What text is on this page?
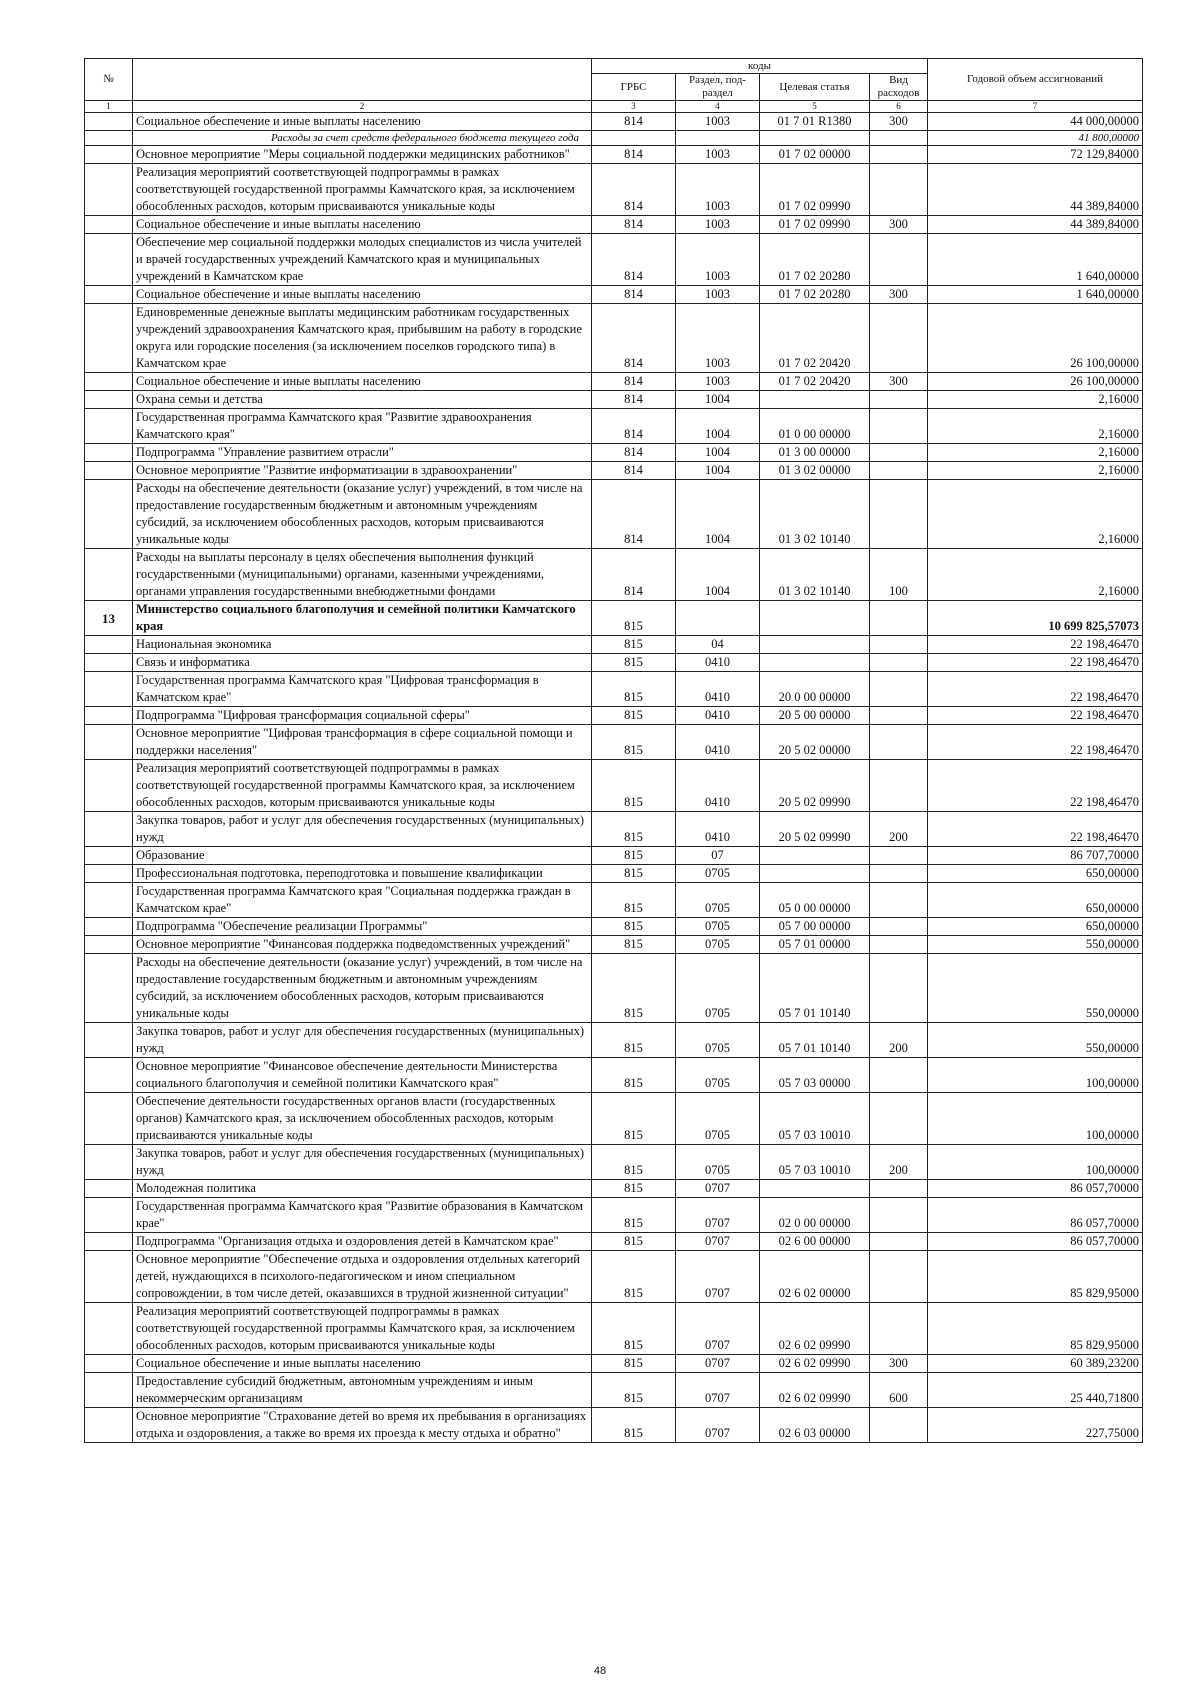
№		коды				Годовой объем ассигнований
		ГРБС	Раздел, под-раздел	Целевая статья	Вид расходов	
1	2	3	4	5	6	7
	Социальное обеспечение и иные выплаты населению	814	1003	01 7 01 R1380	300	44 000,00000
	Расходы за счет средств федерального бюджета текущего года					41 800,00000
	Основное мероприятие "Меры социальной поддержки медицинских работников"	814	1003	01 7 02 00000		72 129,84000
	Реализация мероприятий соответствующей подпрограммы в рамках соответствующей государственной программы Камчатского края, за исключением обособленных расходов, которым присваиваются уникальные коды	814	1003	01 7 02 09990		44 389,84000
	Социальное обеспечение и иные выплаты населению	814	1003	01 7 02 09990	300	44 389,84000
	Обеспечение мер социальной поддержки молодых специалистов из числа учителей и врачей государственных учреждений Камчатского края и муниципальных учреждений в Камчатском крае	814	1003	01 7 02 20280		1 640,00000
	Социальное обеспечение и иные выплаты населению	814	1003	01 7 02 20280	300	1 640,00000
	Единовременные денежные выплаты медицинским работникам государственных учреждений здравоохранения Камчатского края, прибывшим на работу в городские округа или городские поселения (за исключением поселков городского типа) в Камчатском крае	814	1003	01 7 02 20420		26 100,00000
	Социальное обеспечение и иные выплаты населению	814	1003	01 7 02 20420	300	26 100,00000
	Охрана семьи и детства	814	1004			2,16000
	Государственная программа Камчатского края "Развитие здравоохранения Камчатского края"	814	1004	01 0 00 00000		2,16000
	Подпрограмма "Управление развитием отрасли"	814	1004	01 3 00 00000		2,16000
	Основное мероприятие "Развитие информатизации в здравоохранении"	814	1004	01 3 02 00000		2,16000
	Расходы на обеспечение деятельности (оказание услуг) учреждений, в том числе на предоставление государственным бюджетным и автономным учреждениям субсидий, за исключением обособленных расходов, которым присваиваются уникальные коды	814	1004	01 3 02 10140		2,16000
	Расходы на выплаты персоналу в целях обеспечения выполнения функций государственными (муниципальными) органами, казенными учреждениями, органами управления государственными внебюджетными фондами	814	1004	01 3 02 10140	100	2,16000
13	Министерство социального благополучия и семейной политики Камчатского края	815				10 699 825,57073
	Национальная экономика	815	04			22 198,46470
	Связь и информатика	815	0410			22 198,46470
	Государственная программа Камчатского края "Цифровая трансформация в Камчатском крае"	815	0410	20 0 00 00000		22 198,46470
	Подпрограмма "Цифровая трансформация социальной сферы"	815	0410	20 5 00 00000		22 198,46470
	Основное мероприятие "Цифровая трансформация в сфере социальной помощи и поддержки населения"	815	0410	20 5 02 00000		22 198,46470
	Реализация мероприятий соответствующей подпрограммы в рамках соответствующей государственной программы Камчатского края, за исключением обособленных расходов, которым присваиваются уникальные коды	815	0410	20 5 02 09990		22 198,46470
	Закупка товаров, работ и услуг для обеспечения государственных (муниципальных) нужд	815	0410	20 5 02 09990	200	22 198,46470
	Образование	815	07			86 707,70000
	Профессиональная подготовка, переподготовка и повышение квалификации	815	0705			650,00000
	Государственная программа Камчатского края "Социальная поддержка граждан в Камчатском крае"	815	0705	05 0 00 00000		650,00000
	Подпрограмма "Обеспечение реализации Программы"	815	0705	05 7 00 00000		650,00000
	Основное мероприятие "Финансовая поддержка подведомственных учреждений"	815	0705	05 7 01 00000		550,00000
	Расходы на обеспечение деятельности (оказание услуг) учреждений, в том числе на предоставление государственным бюджетным и автономным учреждениям субсидий, за исключением обособленных расходов, которым присваиваются уникальные коды	815	0705	05 7 01 10140		550,00000
	Закупка товаров, работ и услуг для обеспечения государственных (муниципальных) нужд	815	0705	05 7 01 10140	200	550,00000
	Основное мероприятие "Финансовое обеспечение деятельности Министерства социального благополучия и семейной политики Камчатского края"	815	0705	05 7 03 00000		100,00000
	Обеспечение деятельности государственных органов власти (государственных органов) Камчатского края, за исключением обособленных расходов, которым присваиваются уникальные коды	815	0705	05 7 03 10010		100,00000
	Закупка товаров, работ и услуг для обеспечения государственных (муниципальных) нужд	815	0705	05 7 03 10010	200	100,00000
	Молодежная политика	815	0707			86 057,70000
	Государственная программа Камчатского края "Развитие образования в Камчатском крае"	815	0707	02 0 00 00000		86 057,70000
	Подпрограмма "Организация отдыха и оздоровления детей в Камчатском крае"	815	0707	02 6 00 00000		86 057,70000
	Основное мероприятие "Обеспечение отдыха и оздоровления отдельных категорий детей, нуждающихся в психолого-педагогическом и ином специальном сопровождении, в том числе детей, оказавшихся в трудной жизненной ситуации"	815	0707	02 6 02 00000		85 829,95000
	Реализация мероприятий соответствующей подпрограммы в рамках соответствующей государственной программы Камчатского края, за исключением обособленных расходов, которым присваиваются уникальные коды	815	0707	02 6 02 09990		85 829,95000
	Социальное обеспечение и иные выплаты населению	815	0707	02 6 02 09990	300	60 389,23200
	Предоставление субсидий бюджетным, автономным учреждениям и иным некоммерческим организациям	815	0707	02 6 02 09990	600	25 440,71800
	Основное мероприятие "Страхование детей во время их пребывания в организациях отдыха и оздоровления, а также во время их проезда к месту отдыха и обратно"	815	0707	02 6 03 00000		227,75000
48
